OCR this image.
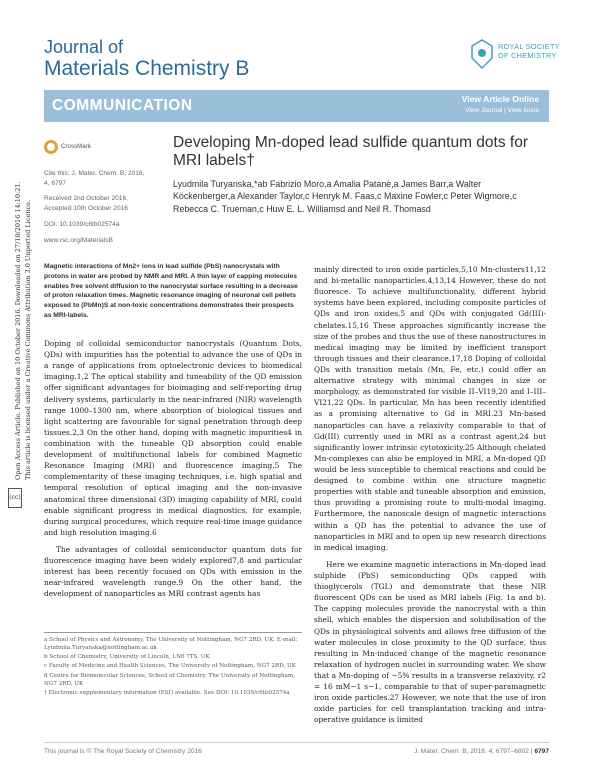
Journal of
Materials Chemistry B
ROYAL SOCIETY
OF CHEMISTRY
COMMUNICATION	View Article Online
View Journal | View Issue
Open Access Article. Published on 10 October 2016. Downloaded on 27/10/2016 14:10:21. This article is licensed under a Creative Commons Attribution 3.0 Unported Licence.
(cc)
CrossMark
Cite this: J. Mater. Chem. B, 2016,
4, 6797
Received 2nd October 2016,
Accepted 10th October 2016
DOI: 10.1039/c6tb02574a
www.rsc.org/MaterialsB
Developing Mn-doped lead sulfide quantum dots for MRI labels†
Lyudmila Turyanska,*ab Fabrizio Moro,a Amalia Patanè,a James Barr,a Walter Köckenberger,a Alexander Taylor,c Henryk M. Faas,c Maxine Fowler,c Peter Wigmore,c Rebecca C. Trueman,c Huw E. L. Williamsd and Neil R. Thomasd
Magnetic interactions of Mn2+ ions in lead sulfide (PbS) nanocrystals with protons in water are probed by NMR and MRI. A thin layer of capping molecules enables free solvent diffusion to the nanocrystal surface resulting in a decrease of proton relaxation times. Magnetic resonance imaging of neuronal cell pellets exposed to (PbMn)S at non-toxic concentrations demonstrates their prospects as MRI-labels.

Doping of colloidal semiconductor nanocrystals (Quantum Dots, QDs) with impurities has the potential to advance the use of QDs in a range of applications from optoelectronic devices to biomedical imaging.1,2 The optical stability and tuneability of the QD emission offer significant advantages for bioimaging and self-reporting drug delivery systems, particularly in the near-infrared (NIR) wavelength range 1000–1300 nm, where absorption of biological tissues and light scattering are favourable for signal penetration through deep tissues.2,3 On the other hand, doping with magnetic impurities4 in combination with the tuneable QD absorption could enable development of multifunctional labels for combined Magnetic Resonance Imaging (MRI) and fluorescence imaging.5 The complementarity of these imaging techniques, i.e. high spatial and temporal resolution of optical imaging and the non-invasive anatomical three dimensional (3D) imaging capability of MRI, could enable significant progress in medical diagnostics, for example, during surgical procedures, which require real-time image guidance and high resolution imaging.6

The advantages of colloidal semiconductor quantum dots for fluorescence imaging have been widely explored7,8 and particular interest has been recently focused on QDs with emission in the near-infrared wavelength range.9 On the other hand, the development of nanoparticles as MRI contrast agents has

a School of Physics and Astronomy, The University of Nottingham, NG7 2RD, UK. E-mail: Lyudmila.Turyanska@nottingham.ac.uk
b School of Chemistry, University of Lincoln, LN6 7TS, UK
c Faculty of Medicine and Health Sciences, The University of Nottingham, NG7 2RD, UK
d Centre for Biomolecular Sciences, School of Chemistry, The University of Nottingham, NG7 2RD, UK
† Electronic supplementary information (ESI) available. See DOI: 10.1039/c6tb02574a

mainly directed to iron oxide particles,5,10 Mn-clusters11,12 and bi-metallic nanoparticles.4,13,14 However, these do not fluoresce. To achieve multifunctionality, different hybrid systems have been explored, including composite particles of QDs and iron oxides,5 and QDs with conjugated Gd(III)-chelates.15,16 These approaches significantly increase the size of the probes and thus the use of these nanostructures in medical imaging may be limited by inefficient transport through tissues and their clearance.17,18 Doping of colloidal QDs with transition metals (Mn, Fe, etc.) could offer an alternative strategy with minimal changes in size or morphology, as demonstrated for visible II–VI19,20 and I–III–VI21,22 QDs. In particular, Mn has been recently identified as a promising alternative to Gd in MRI.23 Mn-based nanoparticles can have a relaxivity comparable to that of Gd(III) currently used in MRI as a contrast agent,24 but significantly lower intrinsic cytotoxicity.25 Although chelated Mn-complexes can also be employed in MRI, a Mn-doped QD would be less susceptible to chemical reactions and could be designed to combine within one structure magnetic properties with stable and tuneable absorption and emission, thus providing a promising route to multi-modal imaging. Furthermore, the nanoscale design of magnetic interactions within a QD has the potential to advance the use of nanoparticles in MRI and to open up new research directions in medical imaging.

Here we examine magnetic interactions in Mn-doped lead sulphide (PbS) semiconducting QDs capped with thioglycerols (TGL) and demonstrate that these NIR fluorescent QDs can be used as MRI labels (Fig. 1a and b). The capping molecules provide the nanocrystal with a thin shell, which enables the dispersion and solubilisation of the QDs in physiological solvents and allows free diffusion of the water molecules in close proximity to the QD surface, thus resulting in Mn-induced change of the magnetic resonance relaxation of hydrogen nuclei in surrounding water. We show that a Mn-doping of ~5% results in a transverse relaxivity, r2 = 16 mM−1 s−1, comparable to that of super-paramagnetic iron oxide particles.27 However, we note that the use of iron oxide particles for cell transplantation tracking and intra-operative guidance is limited

This journal is © The Royal Society of Chemistry 2016	J. Mater. Chem. B, 2016, 4, 6797–6802 | 6797
